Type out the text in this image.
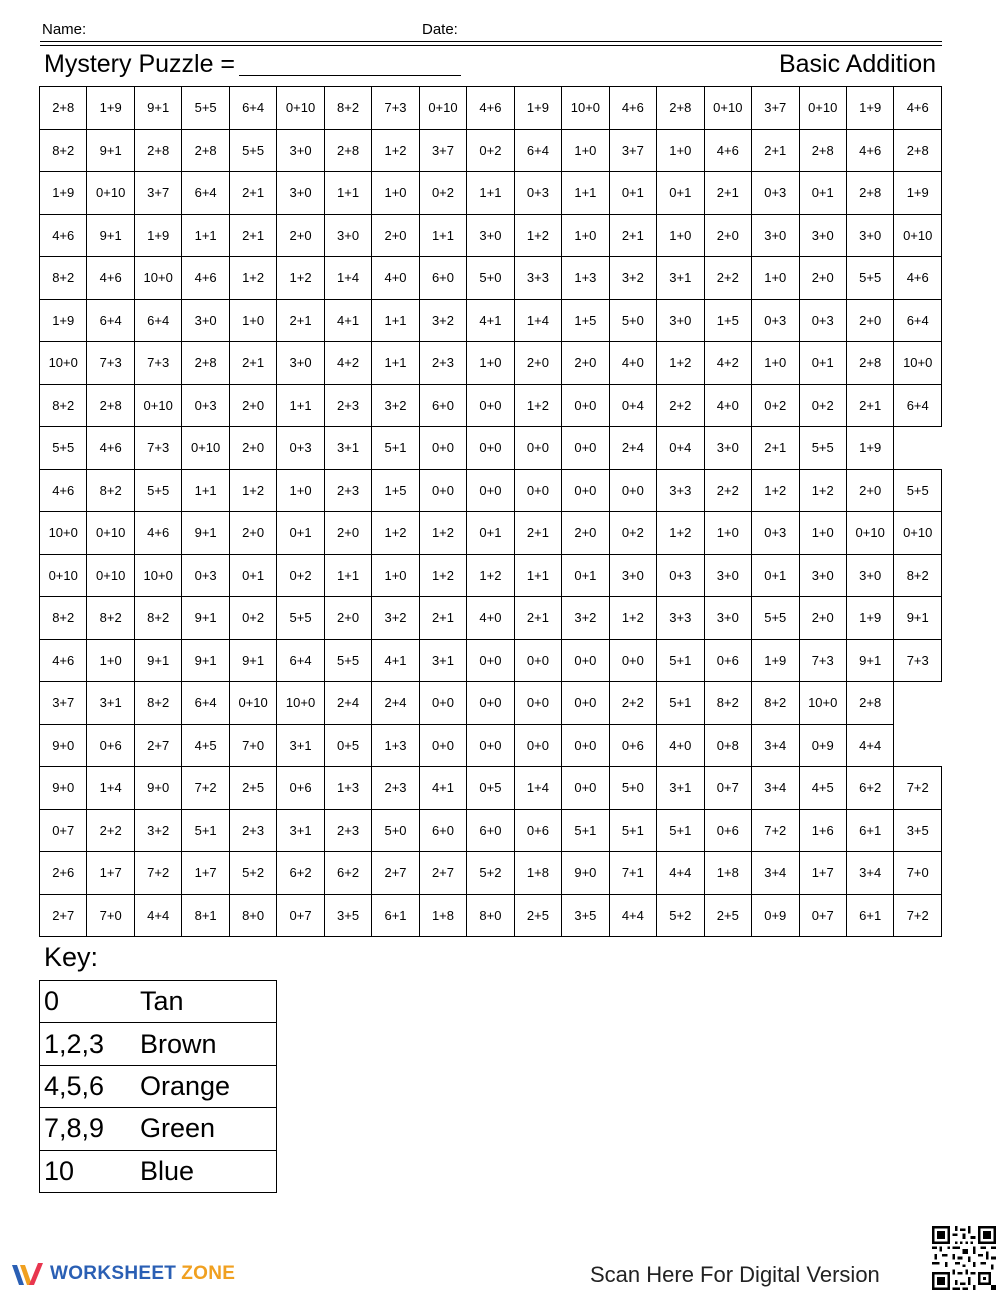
Name:	Date:
Mystery Puzzle =	Basic Addition
2+8	1+9	9+1	5+5	6+4	0+10	8+2	7+3	0+10	4+6	1+9	10+0	4+6	2+8	0+10	3+7	0+10	1+9	4+6
8+2	9+1	2+8	2+8	5+5	3+0	2+8	1+2	3+7	0+2	6+4	1+0	3+7	1+0	4+6	2+1	2+8	4+6	2+8
1+9	0+10	3+7	6+4	2+1	3+0	1+1	1+0	0+2	1+1	0+3	1+1	0+1	0+1	2+1	0+3	0+1	2+8	1+9
4+6	9+1	1+9	1+1	2+1	2+0	3+0	2+0	1+1	3+0	1+2	1+0	2+1	1+0	2+0	3+0	3+0	3+0	0+10
8+2	4+6	10+0	4+6	1+2	1+2	1+4	4+0	6+0	5+0	3+3	1+3	3+2	3+1	2+2	1+0	2+0	5+5	4+6
1+9	6+4	6+4	3+0	1+0	2+1	4+1	1+1	3+2	4+1	1+4	1+5	5+0	3+0	1+5	0+3	0+3	2+0	6+4
10+0	7+3	7+3	2+8	2+1	3+0	4+2	1+1	2+3	1+0	2+0	2+0	4+0	1+2	4+2	1+0	0+1	2+8	10+0
8+2	2+8	0+10	0+3	2+0	1+1	2+3	3+2	6+0	0+0	1+2	0+0	0+4	2+2	4+0	0+2	0+2	2+1	6+4
5+5	4+6	7+3	0+10	2+0	0+3	3+1	5+1	0+0	0+0	0+0	0+0	2+4	0+4	3+0	2+1	5+5	1+9	
4+6	8+2	5+5	1+1	1+2	1+0	2+3	1+5	0+0	0+0	0+0	0+0	0+0	3+3	2+2	1+2	1+2	2+0	5+5
10+0	0+10	4+6	9+1	2+0	0+1	2+0	1+2	1+2	0+1	2+1	2+0	0+2	1+2	1+0	0+3	1+0	0+10	0+10
0+10	0+10	10+0	0+3	0+1	0+2	1+1	1+0	1+2	1+2	1+1	0+1	3+0	0+3	3+0	0+1	3+0	3+0	8+2
8+2	8+2	8+2	9+1	0+2	5+5	2+0	3+2	2+1	4+0	2+1	3+2	1+2	3+3	3+0	5+5	2+0	1+9	9+1
4+6	1+0	9+1	9+1	9+1	6+4	5+5	4+1	3+1	0+0	0+0	0+0	0+0	5+1	0+6	1+9	7+3	9+1	7+3
3+7	3+1	8+2	6+4	0+10	10+0	2+4	2+4	0+0	0+0	0+0	0+0	2+2	5+1	8+2	8+2	10+0	2+8	
9+0	0+6	2+7	4+5	7+0	3+1	0+5	1+3	0+0	0+0	0+0	0+0	0+6	4+0	0+8	3+4	0+9	4+4	
9+0	1+4	9+0	7+2	2+5	0+6	1+3	2+3	4+1	0+5	1+4	0+0	5+0	3+1	0+7	3+4	4+5	6+2	7+2
0+7	2+2	3+2	5+1	2+3	3+1	2+3	5+0	6+0	6+0	0+6	5+1	5+1	5+1	0+6	7+2	1+6	6+1	3+5
2+6	1+7	7+2	1+7	5+2	6+2	6+2	2+7	2+7	5+2	1+8	9+0	7+1	4+4	1+8	3+4	1+7	3+4	7+0
2+7	7+0	4+4	8+1	8+0	0+7	3+5	6+1	1+8	8+0	2+5	3+5	4+4	5+2	2+5	0+9	0+7	6+1	7+2
Key:
0	Tan
1,2,3	Brown
4,5,6	Orange
7,8,9	Green
10	Blue
WORKSHEET ZONE	Scan Here For Digital Version
